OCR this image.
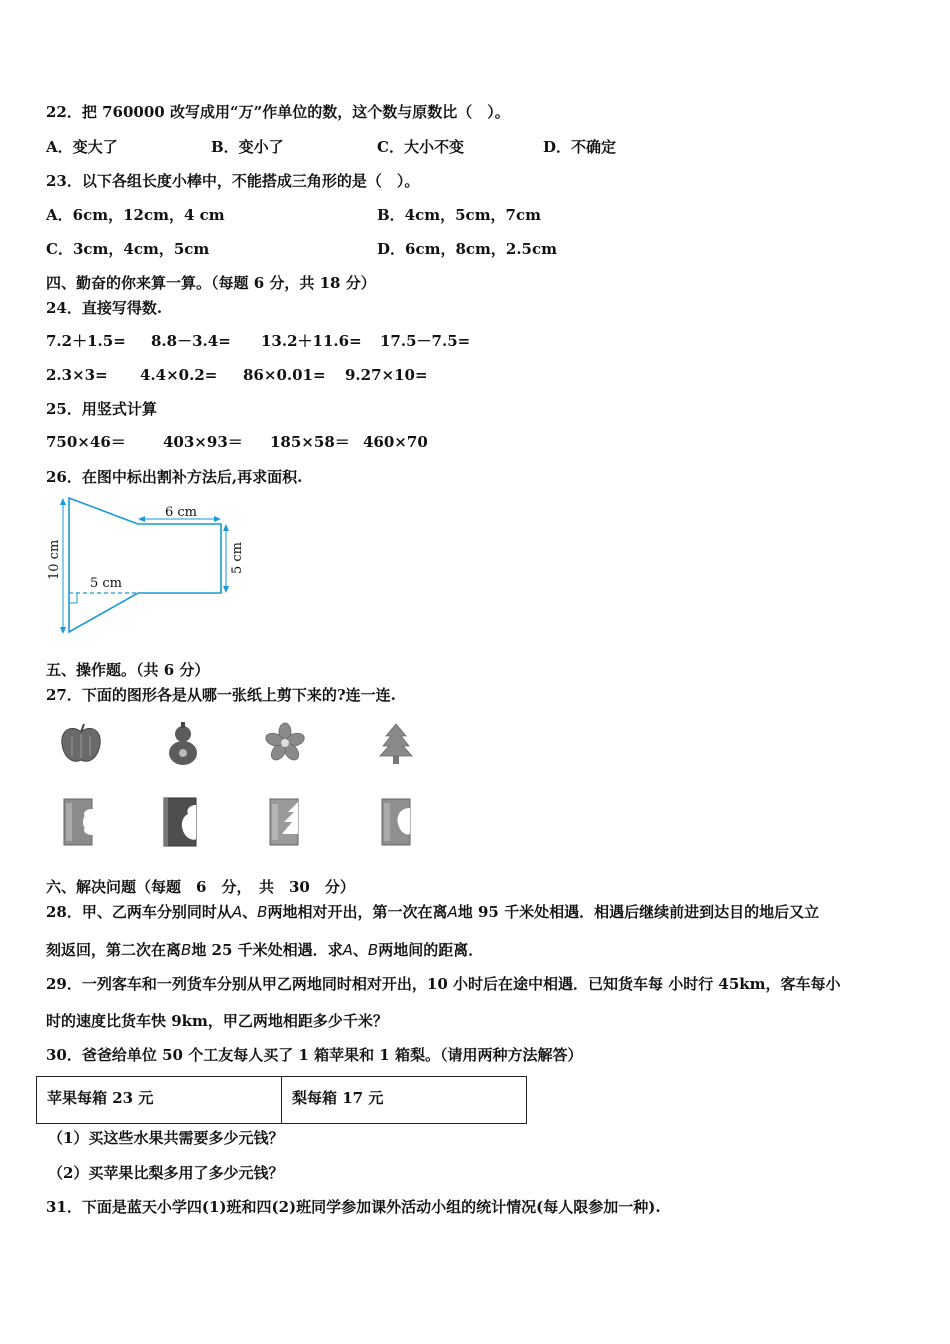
22．把 760000 改写成用“万”作单位的数，这个数与原数比（　）。
A．变大了	B．变小了	C．大小不变	D．不确定
23．以下各组长度小棒中，不能搭成三角形的是（　）。
A．6cm，12cm，4 cm	B．4cm，5cm，7cm
C．3cm，4cm，5cm	D．6cm，8cm，2.5cm
四、勤奋的你来算一算。（每题 6 分，共 18 分）
24．直接写得数.
7.2＋1.5= 8.8－3.4= 13.2＋11.6= 17.5－7.5=
2.3×3= 4.4×0.2= 86×0.01= 9.27×10=
25．用竖式计算
750×46＝ 403×93＝ 185×58＝ 460×70
26．在图中标出割补方法后,再求面积.
6 cm
5 cm
10 cm
5 cm
五、操作题。（共 6 分）
27．下面的图形各是从哪一张纸上剪下来的?连一连.
六、解决问题（每题　6　分，　共　30　分）
28．甲、乙两车分别同时从A、B两地相对开出，第一次在离A地 95 千米处相遇．相遇后继续前进到达目的地后又立
刻返回，第二次在离B地 25 千米处相遇．求A、B两地间的距离．
29．一列客车和一列货车分别从甲乙两地同时相对开出，10 小时后在途中相遇．已知货车每 小时行 45km，客车每小
时的速度比货车快 9km，甲乙两地相距多少千米？
30．爸爸给单位 50 个工友每人买了 1 箱苹果和 1 箱梨。（请用两种方法解答）
苹果每箱 23 元	梨每箱 17 元
（1）买这些水果共需要多少元钱？
（2）买苹果比梨多用了多少元钱？
31．下面是蓝天小学四(1)班和四(2)班同学参加课外活动小组的统计情况(每人限参加一种).
